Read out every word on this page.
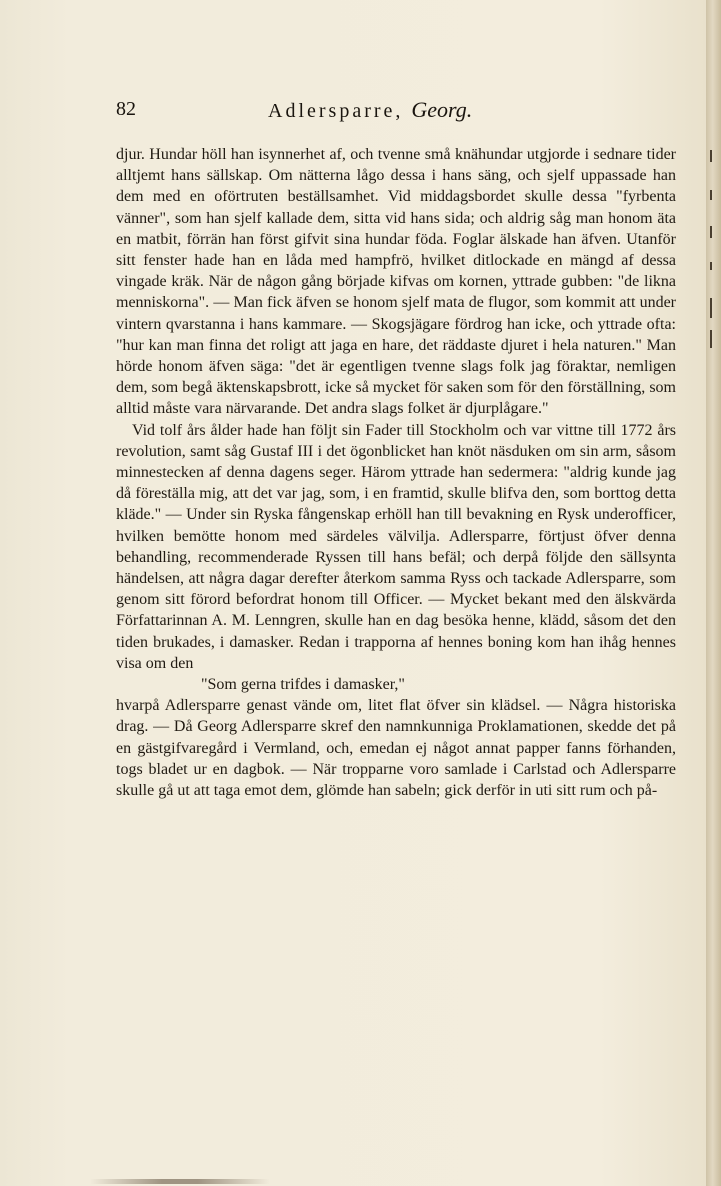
82	Adlersparre, Georg.

djur. Hundar höll han isynnerhet af, och tvenne små knähundar utgjorde i sednare tider alltjemt hans sällskap. Om nätterna lågo dessa i hans säng, och sjelf uppassade han dem med en oförtruten beställsamhet. Vid middagsbordet skulle dessa "fyrbenta vänner", som han sjelf kallade dem, sitta vid hans sida; och aldrig såg man honom äta en matbit, förrän han först gifvit sina hundar föda. Foglar älskade han äfven. Utanför sitt fenster hade han en låda med hampfrö, hvilket ditlockade en mängd af dessa vingade kräk. När de någon gång började kifvas om kornen, yttrade gubben: "de likna menniskorna". — Man fick äfven se honom sjelf mata de flugor, som kommit att under vintern qvarstanna i hans kammare. — Skogsjägare fördrog han icke, och yttrade ofta: "hur kan man finna det roligt att jaga en hare, det räddaste djuret i hela naturen." Man hörde honom äfven säga: "det är egentligen tvenne slags folk jag föraktar, nemligen dem, som begå äktenskapsbrott, icke så mycket för saken som för den förställning, som alltid måste vara närvarande. Det andra slags folket är djurplågare."

Vid tolf års ålder hade han följt sin Fader till Stockholm och var vittne till 1772 års revolution, samt såg Gustaf III i det ögonblicket han knöt näsduken om sin arm, såsom minnestecken af denna dagens seger. Härom yttrade han sedermera: "aldrig kunde jag då föreställa mig, att det var jag, som, i en framtid, skulle blifva den, som borttog detta kläde." — Under sin Ryska fångenskap erhöll han till bevakning en Rysk underofficer, hvilken bemötte honom med särdeles välvilja. Adlersparre, förtjust öfver denna behandling, recommenderade Ryssen till hans befäl; och derpå följde den sällsynta händelsen, att några dagar derefter återkom samma Ryss och tackade Adlersparre, som genom sitt förord befordrat honom till Officer. — Mycket bekant med den älskvärda Författarinnan A. M. Lenngren, skulle han en dag besöka henne, klädd, såsom det den tiden brukades, i damasker. Redan i trapporna af hennes boning kom han ihåg hennes visa om den

"Som gerna trifdes i damasker,"

hvarpå Adlersparre genast vände om, litet flat öfver sin klädsel. — Några historiska drag. — Då Georg Adlersparre skref den namnkunniga Proklamationen, skedde det på en gästgifvaregård i Vermland, och, emedan ej något annat papper fanns förhanden, togs bladet ur en dagbok. — När tropparne voro samlade i Carlstad och Adlersparre skulle gå ut att taga emot dem, glömde han sabeln; gick derför in uti sitt rum och på-
